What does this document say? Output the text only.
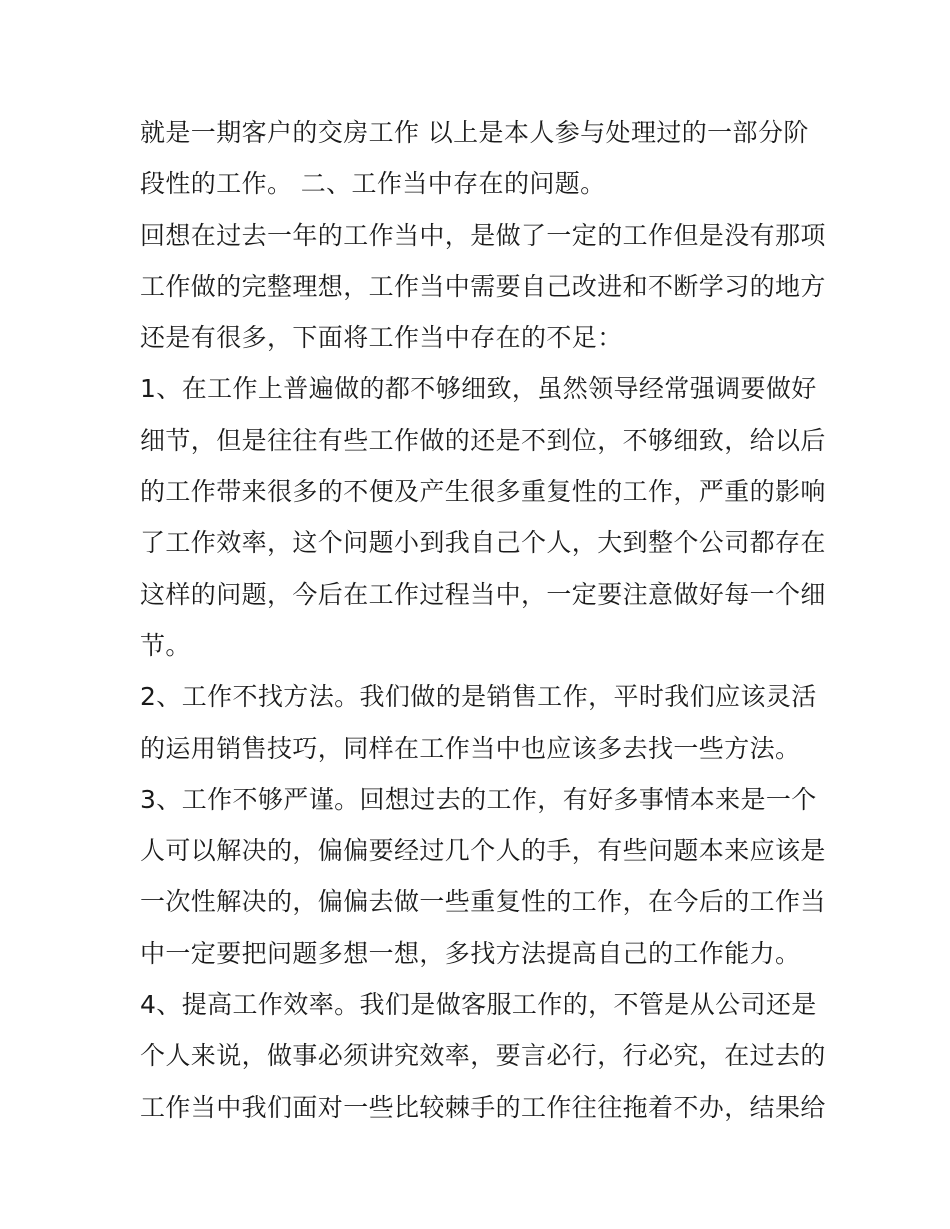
就是一期客户的交房工作 以上是本人参与处理过的一部分阶

段性的工作。 二、工作当中存在的问题。

回想在过去一年的工作当中，是做了一定的工作但是没有那项

工作做的完整理想，工作当中需要自己改进和不断学习的地方

还是有很多，下面将工作当中存在的不足：

1、在工作上普遍做的都不够细致，虽然领导经常强调要做好

细节，但是往往有些工作做的还是不到位，不够细致，给以后

的工作带来很多的不便及产生很多重复性的工作，严重的影响

了工作效率，这个问题小到我自己个人，大到整个公司都存在

这样的问题，今后在工作过程当中，一定要注意做好每一个细

节。

2、工作不找方法。我们做的是销售工作，平时我们应该灵活

的运用销售技巧，同样在工作当中也应该多去找一些方法。

3、工作不够严谨。回想过去的工作，有好多事情本来是一个

人可以解决的，偏偏要经过几个人的手，有些问题本来应该是

一次性解决的，偏偏去做一些重复性的工作，在今后的工作当

中一定要把问题多想一想，多找方法提高自己的工作能力。

4、提高工作效率。我们是做客服工作的，不管是从公司还是

个人来说，做事必须讲究效率，要言必行，行必究，在过去的

工作当中我们面对一些比较棘手的工作往往拖着不办，结果给
